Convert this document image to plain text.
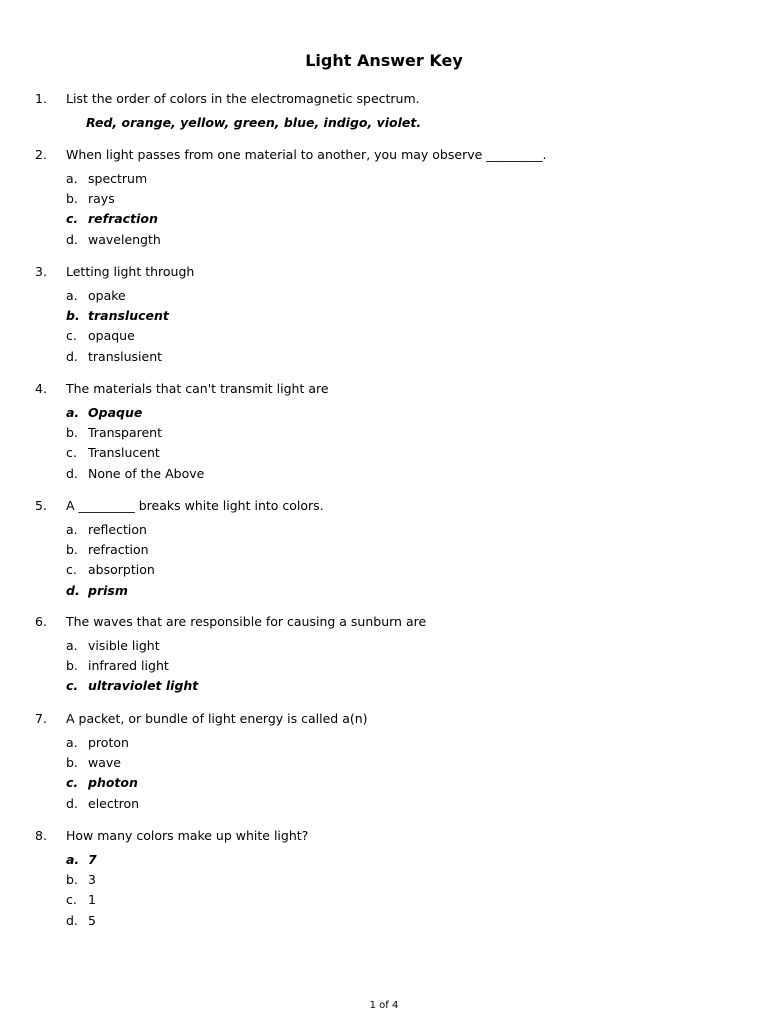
Light Answer Key
1. List the order of colors in the electromagnetic spectrum.
Red, orange, yellow, green, blue, indigo, violet.
2. When light passes from one material to another, you may observe _________.
a. spectrum
b. rays
c. refraction
d. wavelength
3. Letting light through
a. opake
b. translucent
c. opaque
d. translusient
4. The materials that can't transmit light are
a. Opaque
b. Transparent
c. Translucent
d. None of the Above
5. A _________ breaks white light into colors.
a. reflection
b. refraction
c. absorption
d. prism
6. The waves that are responsible for causing a sunburn are
a. visible light
b. infrared light
c. ultraviolet light
7. A packet, or bundle of light energy is called a(n)
a. proton
b. wave
c. photon
d. electron
8. How many colors make up white light?
a. 7
b. 3
c. 1
d. 5
1 of 4
